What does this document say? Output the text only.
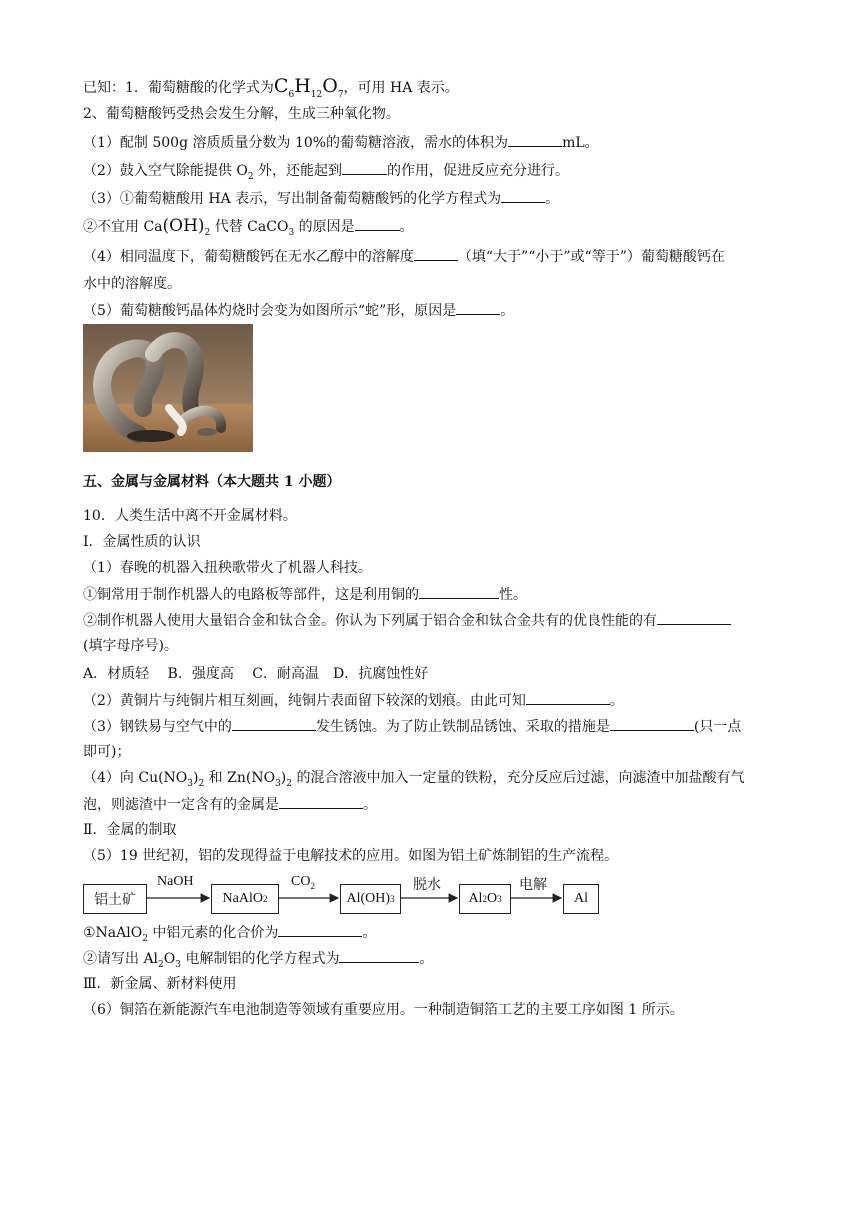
已知：1．葡萄糖酸的化学式为$C_6H_{12}O_7$，可用 HA 表示。
2、葡萄糖酸钙受热会发生分解，生成三种氧化物。
（1）配制 500g 溶质质量分数为 10%的葡萄糖溶液，需水的体积为	mL。
（2）鼓入空气除能提供 $O_2$ 外，还能起到	的作用，促进反应充分进行。
（3）①葡萄糖酸用 HA 表示，写出制备葡萄糖酸钙的化学方程式为	。
②不宜用 $Ca(OH)_2$ 代替 CaCO$_3$ 的原因是	。
（4）相同温度下，葡萄糖酸钙在无水乙醇中的溶解度	（填“大于”“小于”或“等于”）葡萄糖酸钙在
水中的溶解度。
（5）葡萄糖酸钙晶体灼烧时会变为如图所示“蛇”形，原因是	。
五、金属与金属材料（本大题共 1 小题）
10．人类生活中离不开金属材料。
Ⅰ．金属性质的认识
（1）春晚的机器入扭秧歌带火了机器人科技。
①铜常用于制作机器人的电路板等部件，这是利用铜的	性。
②制作机器人使用大量铝合金和钛合金。你认为下列属于铝合金和钛合金共有的优良性能的有
(填字母序号)。
A．材质轻　 B．强度高　 C．耐高温　D．抗腐蚀性好
（2）黄铜片与纯铜片相互刻画，纯铜片表面留下较深的划痕。由此可知	。
（3）钢铁易与空气中的	发生锈蚀。为了防止铁制品锈蚀、采取的措施是	(只一点
即可)；
（4）向 $Cu(NO_3)_2$ 和 $Zn(NO_3)_2$ 的混合溶液中加入一定量的铁粉，充分反应后过滤，向滤渣中加盐酸有气
泡，则滤渣中一定含有的金属是	。
Ⅱ．金属的制取
（5）19 世纪初，铝的发现得益于电解技术的应用。如图为铝土矿炼制铝的生产流程。
铝土矿
NaOH
NaAlO 2
$CO_2$
Al(OH) 3
脱水
Al 2 O 3
电解
Al
①NaAlO$_2$ 中铝元素的化合价为	。
②请写出 $Al_2O_3$ 电解制铝的化学方程式为	。
Ⅲ．新金属、新材料使用
（6）铜箔在新能源汽车电池制造等领域有重要应用。一种制造铜箔工艺的主要工序如图 1 所示。
